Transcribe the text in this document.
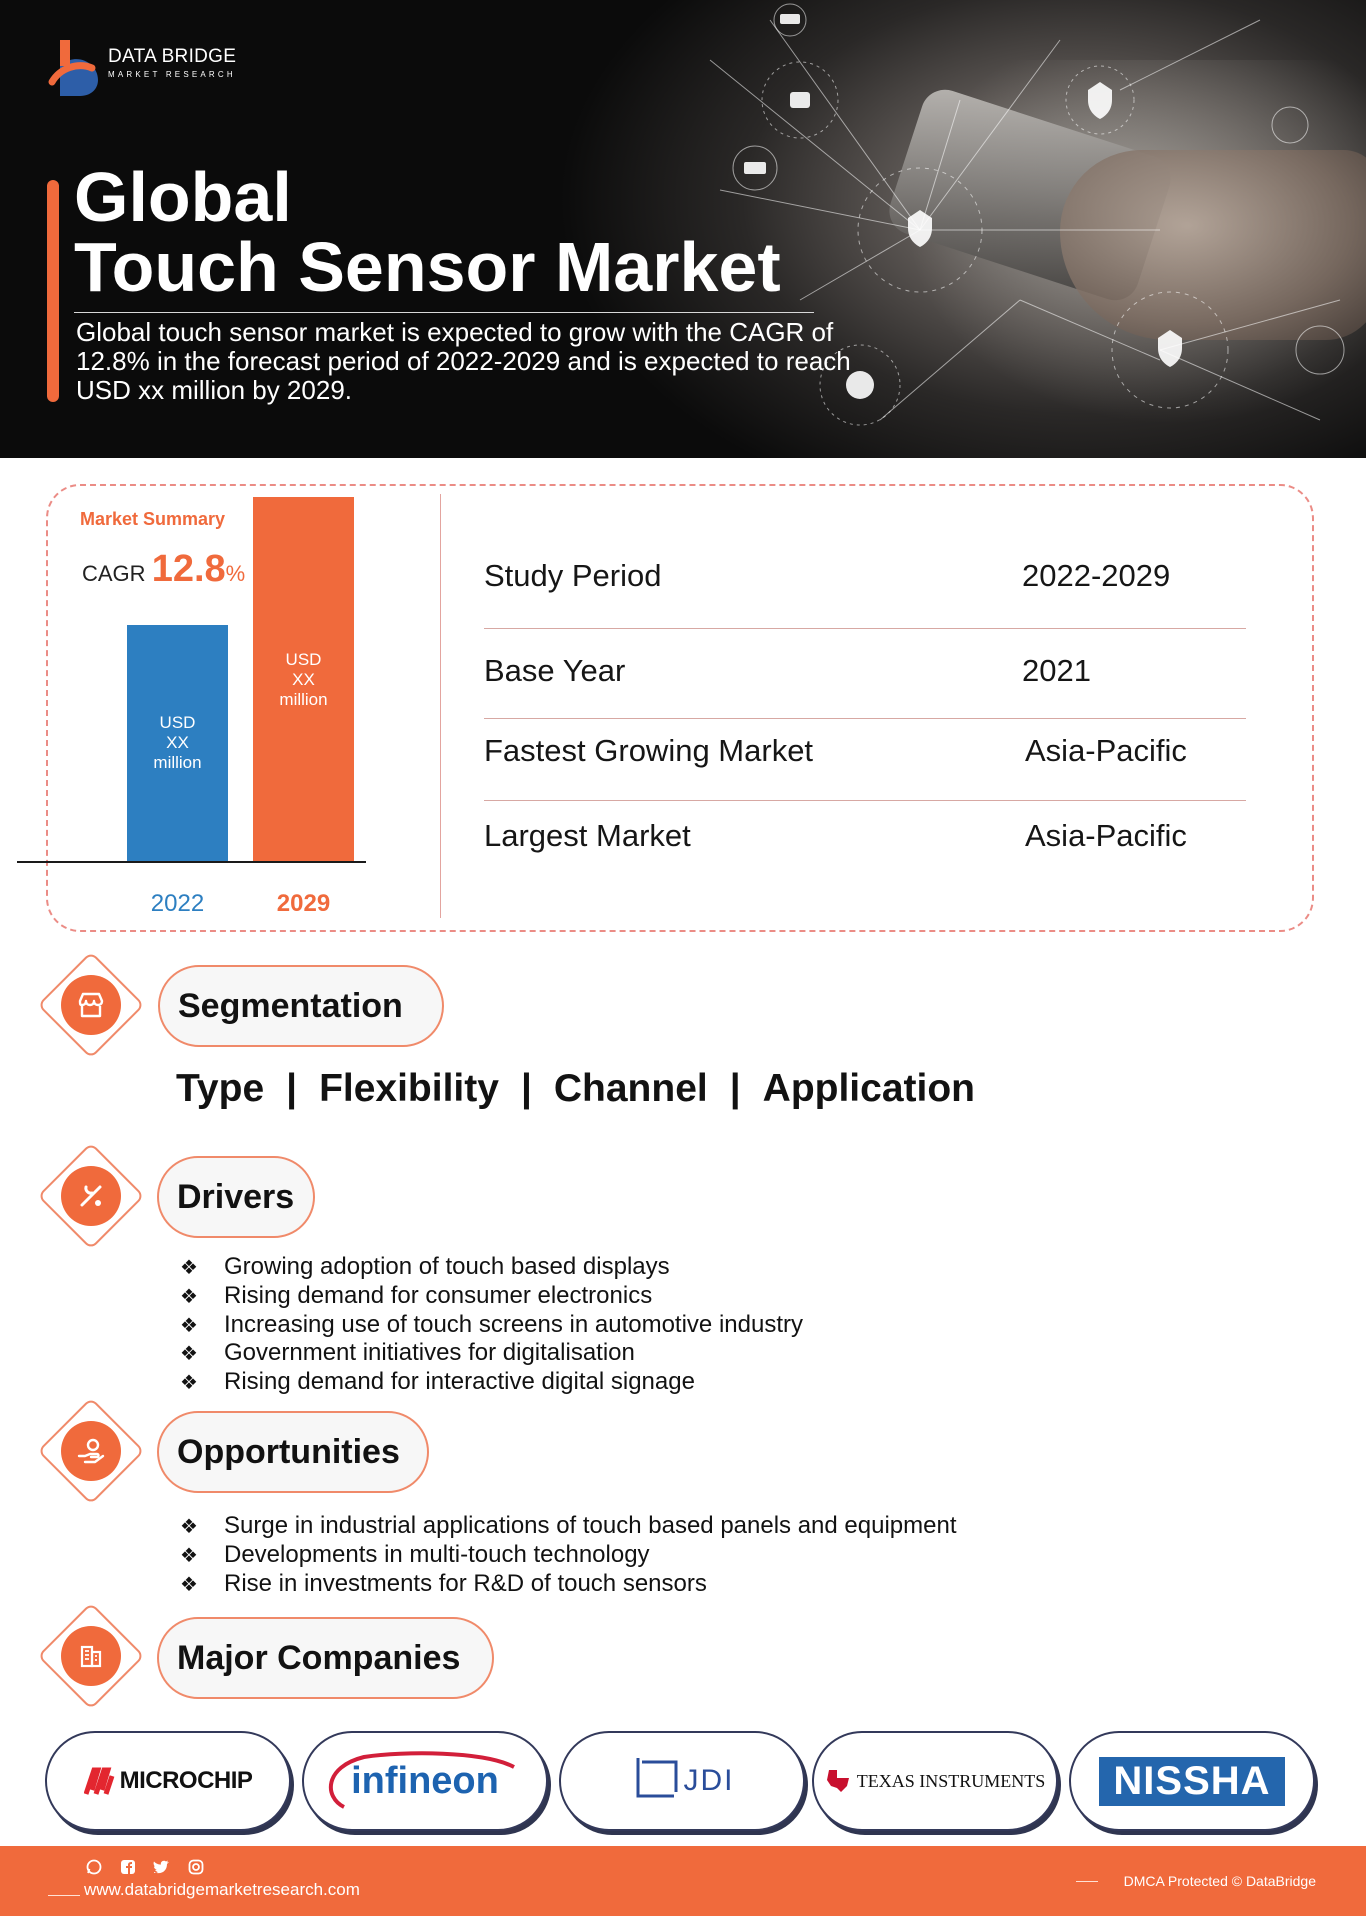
DATA BRIDGE
MARKET RESEARCH
Global
Touch Sensor Market
Global touch sensor market is expected to grow with the CAGR of 12.8% in the forecast period of 2022-2029 and is expected to reach USD xx million by 2029.
Market Summary
CAGR 12.8%
USD
XX
million
USD
XX
million
2022	2029
Study Period	2022-2029
Base Year	2021
Fastest Growing Market	Asia-Pacific
Largest Market	Asia-Pacific
Segmentation
Type | Flexibility | Channel | Application
Drivers
❖ Growing adoption of touch based displays
❖ Rising demand for consumer electronics
❖ Increasing use of touch screens in automotive industry
❖ Government initiatives for digitalisation
❖ Rising demand for interactive digital signage
Opportunities
❖ Surge in industrial applications of touch based panels and equipment
❖ Developments in multi-touch technology
❖ Rise in investments for R&D of touch sensors
Major Companies
MICROCHIP	infineon	JDI	TEXAS INSTRUMENTS	NISSHA
www.databridgemarketresearch.com	DMCA Protected © DataBridge
